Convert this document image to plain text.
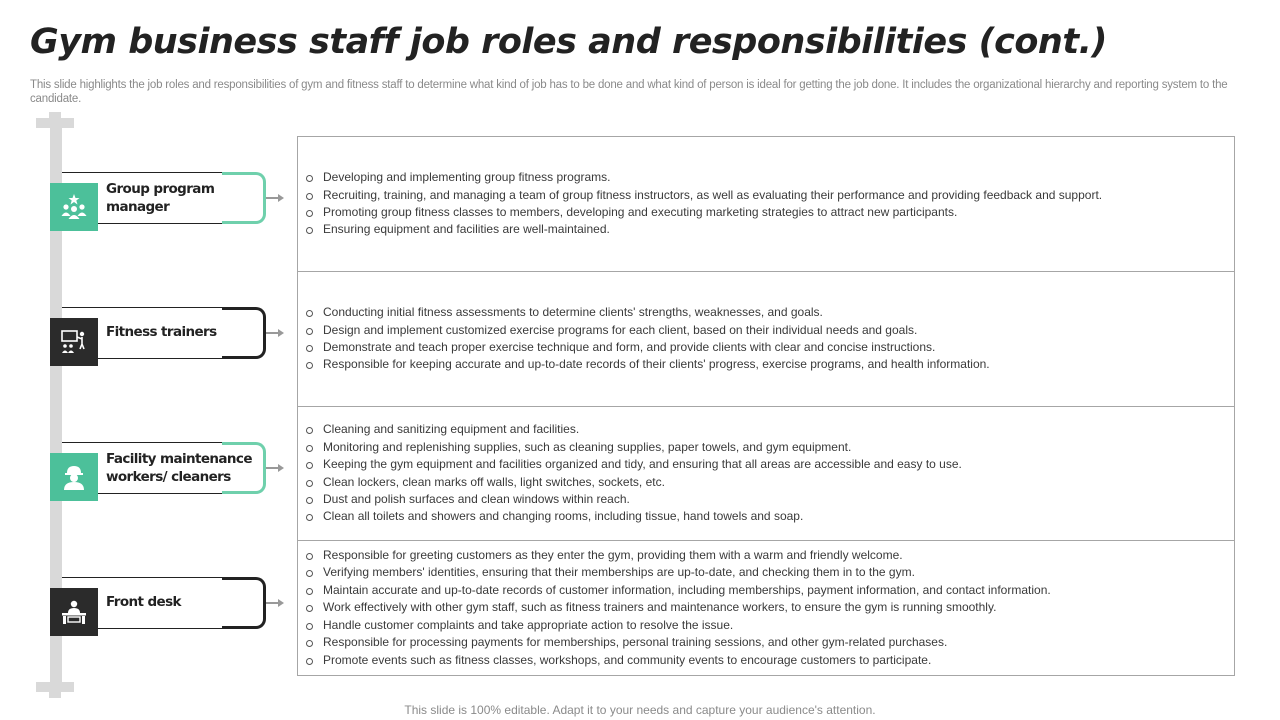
Gym business staff job roles and responsibilities (cont.)
This slide highlights the job roles and responsibilities of gym and fitness staff to determine what kind of job has to be done and what kind of person is ideal for getting the job done. It includes the organizational hierarchy and reporting system to the candidate.
Group program manager
Fitness trainers
Facility maintenance workers/ cleaners
Front desk
Developing and implementing group fitness programs.
Recruiting, training, and managing a team of group fitness instructors, as well as evaluating their performance and providing feedback and support.
Promoting group fitness classes to members, developing and executing marketing strategies to attract new participants.
Ensuring equipment and facilities are well-maintained.
Conducting initial fitness assessments to determine clients' strengths, weaknesses, and goals.
Design and implement customized exercise programs for each client, based on their individual needs and goals.
Demonstrate and teach proper exercise technique and form, and provide clients with clear and concise instructions.
Responsible for keeping accurate and up-to-date records of their clients' progress, exercise programs, and health information.
Cleaning and sanitizing equipment and facilities.
Monitoring and replenishing supplies, such as cleaning supplies, paper towels, and gym equipment.
Keeping the gym equipment and facilities organized and tidy, and ensuring that all areas are accessible and easy to use.
Clean lockers, clean marks off walls, light switches, sockets, etc.
Dust and polish surfaces and clean windows within reach.
Clean all toilets and showers and changing rooms, including tissue, hand towels and soap.
Responsible for greeting customers as they enter the gym, providing them with a warm and friendly welcome.
Verifying members' identities, ensuring that their memberships are up-to-date, and checking them in to the gym.
Maintain accurate and up-to-date records of customer information, including memberships, payment information, and contact information.
Work effectively with other gym staff, such as fitness trainers and maintenance workers, to ensure the gym is running smoothly.
Handle customer complaints and take appropriate action to resolve the issue.
Responsible for processing payments for memberships, personal training sessions, and other gym-related purchases.
Promote events such as fitness classes, workshops, and community events to encourage customers to participate.
This slide is 100% editable. Adapt it to your needs and capture your audience's attention.
